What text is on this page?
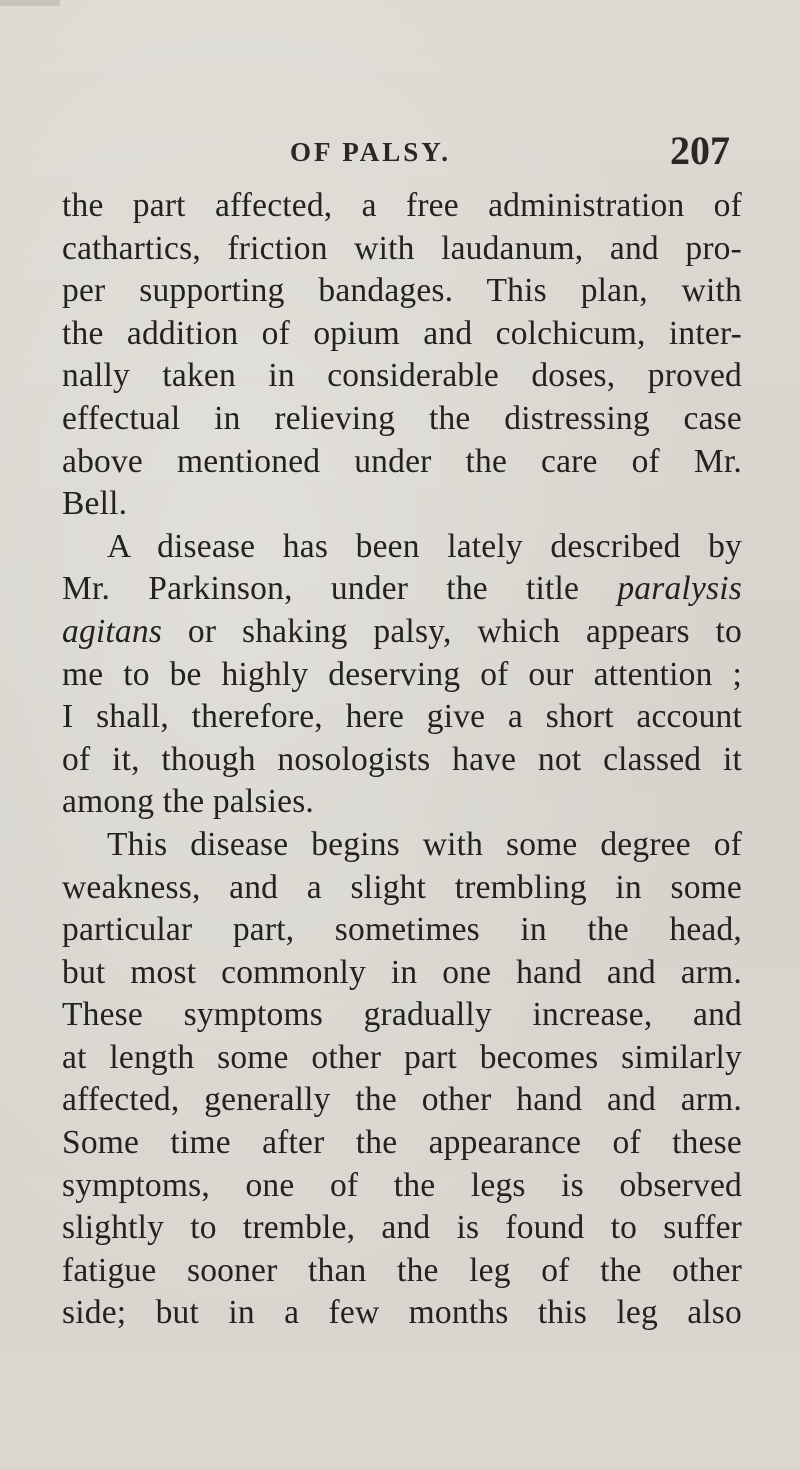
OF PALSY.	207
the part affected, a free administration of
cathartics, friction with laudanum, and pro-
per supporting bandages. This plan, with
the addition of opium and colchicum, inter-
nally taken in considerable doses, proved
effectual in relieving the distressing case
above mentioned under the care of Mr.
Bell.
A disease has been lately described by
Mr. Parkinson, under the title paralysis
agitans or shaking palsy, which appears to
me to be highly deserving of our attention ;
I shall, therefore, here give a short account
of it, though nosologists have not classed it
among the palsies.
This disease begins with some degree of
weakness, and a slight trembling in some
particular part, sometimes in the head,
but most commonly in one hand and arm.
These symptoms gradually increase, and
at length some other part becomes similarly
affected, generally the other hand and arm.
Some time after the appearance of these
symptoms, one of the legs is observed
slightly to tremble, and is found to suffer
fatigue sooner than the leg of the other
side; but in a few months this leg also
